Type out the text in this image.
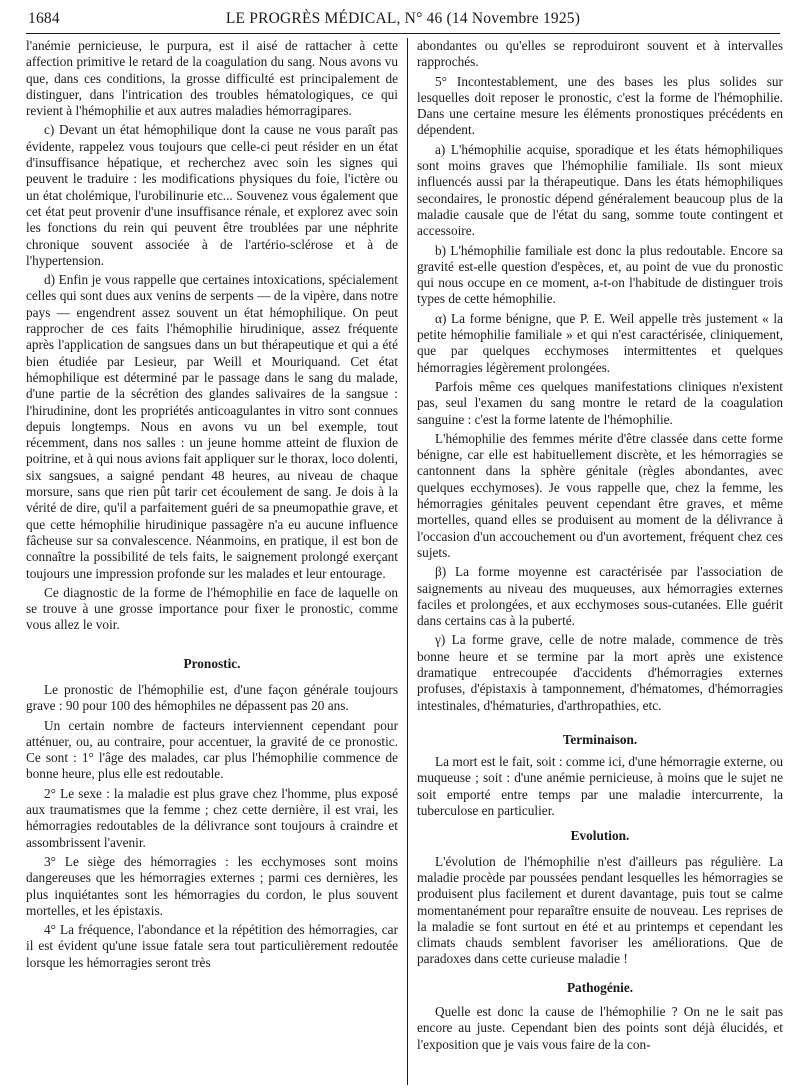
1684	LE PROGRÈS MÉDICAL, N° 46 (14 Novembre 1925)

l'anémie pernicieuse, le purpura, est il aisé de rattacher à cette affection primitive le retard de la coagulation du sang. Nous avons vu que, dans ces conditions, la grosse difficulté est principalement de distinguer, dans l'intrication des troubles hématologiques, ce qui revient à l'hémophilie et aux autres maladies hémorragipares.

c) Devant un état hémophilique dont la cause ne vous paraît pas évidente, rappelez vous toujours que celle-ci peut résider en un état d'insuffisance hépatique, et recherchez avec soin les signes qui peuvent le traduire : les modifications physiques du foie, l'ictère ou un état cholémique, l'urobilinurie etc... Souvenez vous également que cet état peut provenir d'une insuffisance rénale, et explorez avec soin les fonctions du rein qui peuvent être troublées par une néphrite chronique souvent associée à de l'artério-sclérose et à de l'hypertension.

d) Enfin je vous rappelle que certaines intoxications, spécialement celles qui sont dues aux venins de serpents — de la vipère, dans notre pays — engendrent assez souvent un état hémophilique. On peut rapprocher de ces faits l'hémophilie hirudinique, assez fréquente après l'application de sangsues dans un but thérapeutique et qui a été bien étudiée par Lesieur, par Weill et Mouriquand. Cet état hémophilique est déterminé par le passage dans le sang du malade, d'une partie de la sécrétion des glandes salivaires de la sangsue : l'hirudinine, dont les propriétés anticoagulantes in vitro sont connues depuis longtemps. Nous en avons vu un bel exemple, tout récemment, dans nos salles : un jeune homme atteint de fluxion de poitrine, et à qui nous avions fait appliquer sur le thorax, loco dolenti, six sangsues, a saigné pendant 48 heures, au niveau de chaque morsure, sans que rien pût tarir cet écoulement de sang. Je dois à la vérité de dire, qu'il a parfaitement guéri de sa pneumopathie grave, et que cette hémophilie hirudinique passagère n'a eu aucune influence fâcheuse sur sa convalescence. Néanmoins, en pratique, il est bon de connaître la possibilité de tels faits, le saignement prolongé exerçant toujours une impression profonde sur les malades et leur entourage.

Ce diagnostic de la forme de l'hémophilie en face de laquelle on se trouve à une grosse importance pour fixer le pronostic, comme vous allez le voir.

Pronostic.

Le pronostic de l'hémophilie est, d'une façon générale toujours grave : 90 pour 100 des hémophiles ne dépassent pas 20 ans.

Un certain nombre de facteurs interviennent cependant pour atténuer, ou, au contraire, pour accentuer, la gravité de ce pronostic. Ce sont : 1° l'âge des malades, car plus l'hémophilie commence de bonne heure, plus elle est redoutable.

2° Le sexe : la maladie est plus grave chez l'homme, plus exposé aux traumatismes que la femme ; chez cette dernière, il est vrai, les hémorragies redoutables de la délivrance sont toujours à craindre et assombrissent l'avenir.

3° Le siège des hémorragies : les ecchymoses sont moins dangereuses que les hémorragies externes ; parmi ces dernières, les plus inquiétantes sont les hémorragies du cordon, le plus souvent mortelles, et les épistaxis.

4° La fréquence, l'abondance et la répétition des hémorragies, car il est évident qu'une issue fatale sera tout particulièrement redoutée lorsque les hémorragies seront très

abondantes ou qu'elles se reproduiront souvent et à intervalles rapprochés.

5° Incontestablement, une des bases les plus solides sur lesquelles doit reposer le pronostic, c'est la forme de l'hémophilie. Dans une certaine mesure les éléments pronostiques précédents en dépendent.

a) L'hémophilie acquise, sporadique et les états hémophiliques sont moins graves que l'hémophilie familiale. Ils sont mieux influencés aussi par la thérapeutique. Dans les états hémophiliques secondaires, le pronostic dépend généralement beaucoup plus de la maladie causale que de l'état du sang, somme toute contingent et accessoire.

b) L'hémophilie familiale est donc la plus redoutable. Encore sa gravité est-elle question d'espèces, et, au point de vue du pronostic qui nous occupe en ce moment, a-t-on l'habitude de distinguer trois types de cette hémophilie.

α) La forme bénigne, que P. E. Weil appelle très justement « la petite hémophilie familiale » et qui n'est caractérisée, cliniquement, que par quelques ecchymoses intermittentes et quelques hémorragies légèrement prolongées.

Parfois même ces quelques manifestations cliniques n'existent pas, seul l'examen du sang montre le retard de la coagulation sanguine : c'est la forme latente de l'hémophilie.

L'hémophilie des femmes mérite d'être classée dans cette forme bénigne, car elle est habituellement discrète, et les hémorragies se cantonnent dans la sphère génitale (règles abondantes, avec quelques ecchymoses). Je vous rappelle que, chez la femme, les hémorragies génitales peuvent cependant être graves, et même mortelles, quand elles se produisent au moment de la délivrance à l'occasion d'un accouchement ou d'un avortement, fréquent chez ces sujets.

β) La forme moyenne est caractérisée par l'association de saignements au niveau des muqueuses, aux hémorragies externes faciles et prolongées, et aux ecchymoses sous-cutanées. Elle guérit dans certains cas à la puberté.

γ) La forme grave, celle de notre malade, commence de très bonne heure et se termine par la mort après une existence dramatique entrecoupée d'accidents d'hémorragies externes profuses, d'épistaxis à tamponnement, d'hématomes, d'hémorragies intestinales, d'hématuries, d'arthropathies, etc.

Terminaison.

La mort est le fait, soit : comme ici, d'une hémorragie externe, ou muqueuse ; soit : d'une anémie pernicieuse, à moins que le sujet ne soit emporté entre temps par une maladie intercurrente, la tuberculose en particulier.

Evolution.

L'évolution de l'hémophilie n'est d'ailleurs pas régulière. La maladie procède par poussées pendant lesquelles les hémorragies se produisent plus facilement et durent davantage, puis tout se calme momentanément pour reparaître ensuite de nouveau. Les reprises de la maladie se font surtout en été et au printemps et cependant les climats chauds semblent favoriser les améliorations. Que de paradoxes dans cette curieuse maladie !

Pathogénie.

Quelle est donc la cause de l'hémophilie ? On ne le sait pas encore au juste. Cependant bien des points sont déjà élucidés, et l'exposition que je vais vous faire de la con-
